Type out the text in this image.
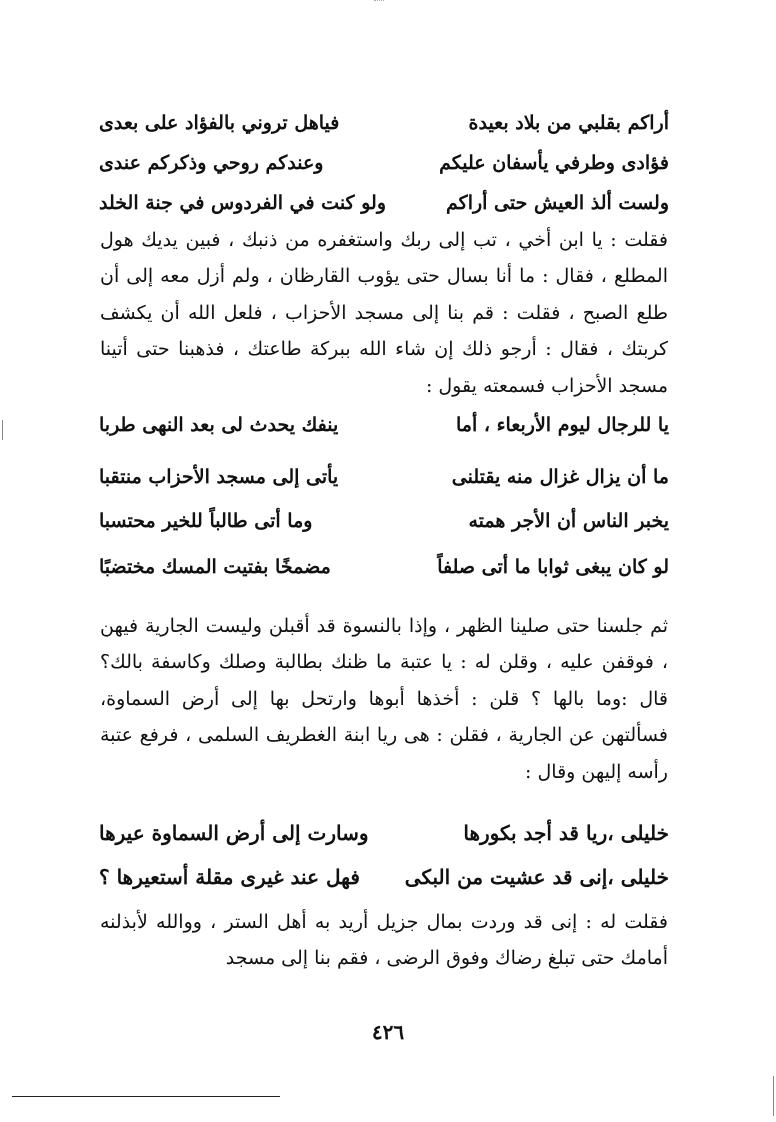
أراكم بقلبي من بلاد بعيدة
فياهل تروني بالفؤاد على بعدى
فؤادى وطرفي يأسفان عليكم
وعندكم روحي وذكركم عندى
ولست ألذ العيش حتى أراكم
ولو كنت في الفردوس في جنة الخلد

فقلت : يا ابن أخي ، تب إلى ربك واستغفره من ذنبك ، فبين يديك هول المطلع ، فقال : ما أنا بسال حتى يؤوب القارظان ، ولم أزل معه إلى أن طلع الصبح ، فقلت : قم بنا إلى مسجد الأحزاب ، فلعل الله أن يكشف كربتك ، فقال : أرجو ذلك إن شاء الله ببركة طاعتك ، فذهبنا حتى أتينا مسجد الأحزاب فسمعته يقول :

يا للرجال ليوم الأربعاء ، أما
ينفك يحدث لى بعد النهى طربا
ما أن يزال غزال منه يقتلنى
يأتى إلى مسجد الأحزاب منتقبا
يخبر الناس أن الأجر همته
وما أتى طالباً للخير محتسبا
لو كان يبغى ثوابا ما أتى صلفاً
مضمخًا بفتيت المسك مختضبًا

ثم جلسنا حتى صلينا الظهر ، وإذا بالنسوة قد أقبلن وليست الجارية فيهن ، فوقفن عليه ، وقلن له : يا عتبة ما ظنك بطالبة وصلك وكاسفة بالك؟ قال :وما بالها ؟ قلن : أخذها أبوها وارتحل بها إلى أرض السماوة، فسألتهن عن الجارية ، فقلن : هى ريا ابنة الغطريف السلمى ، فرفع عتبة رأسه إليهن وقال :

خليلى ،ريا قد أجد بكورها
وسارت إلى أرض السماوة عيرها
خليلى ،إنى قد عشيت من البكى
فهل عند غيرى مقلة أستعيرها ؟

فقلت له : إنى قد وردت بمال جزيل أريد به أهل الستر ، ووالله لأبذلنه أمامك حتى تبلغ رضاك وفوق الرضى ، فقم بنا إلى مسجد

٤٢٦
